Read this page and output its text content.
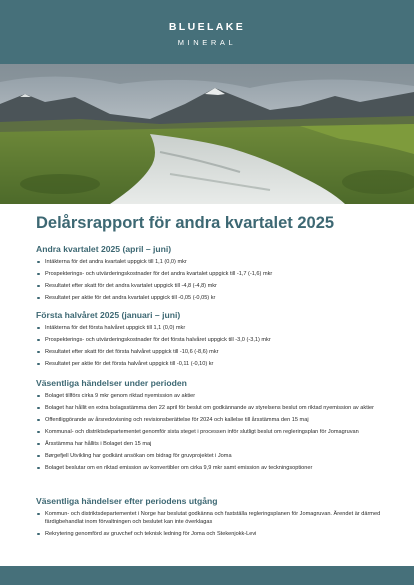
BLUELAKE
MINERAL
Delårsrapport för andra kvartalet 2025
Andra kvartalet 2025 (april – juni)
Intäkterna för det andra kvartalet uppgick till 1,1 (0,0) mkr
Prospekterings- och utvärderingskostnader för det andra kvartalet uppgick till -1,7 (-1,6) mkr
Resultatet efter skatt för det andra kvartalet uppgick till -4,8 (-4,8) mkr
Resultatet per aktie för det andra kvartalet uppgick till -0,05 (-0,05) kr
Första halvåret 2025 (januari – juni)
Intäkterna för det första halvåret uppgick till 1,1 (0,0) mkr
Prospekterings- och utvärderingskostnader för det första halvåret uppgick till -3,0 (-3,1) mkr
Resultatet efter skatt för det första halvåret uppgick till -10,6 (-8,6) mkr
Resultatet per aktie för det första halvåret uppgick till -0,11 (-0,10) kr
Väsentliga händelser under perioden
Bolaget tillförs cirka 9 mkr genom riktad nyemission av aktier
Bolaget har hållit en extra bolagsstämma den 22 april för beslut om godkännande av styrelsens beslut om riktad nyemission av aktier
Offentliggörande av årsredovisning och revisionsberättelse för 2024 och kallelse till årsstämma den 15 maj
Kommunal- och distriktsdepartementet genomför sista steget i processen inför slutligt beslut om regleringsplan för Jomagruvan
Årsstämma har hållits i Bolaget den 15 maj
Børgefjell Utvikling har godkänt ansökan om bidrag för gruvprojektet i Joma
Bolaget beslutar om en riktad emission av konvertibler om cirka 9,9 mkr samt emission av teckningsoptioner
Väsentliga händelser efter periodens utgång
Kommun- och distriktsdepartementet i Norge har beslutat godkänna och fastställa regleringsplanen för Jomagruvan. Ärendet är därmed färdigbehandlat inom förvaltningen och beslutet kan inte överklagas
Rekrytering genomförd av gruvchef och teknisk ledning för Joma och Stekenjokk-Levi
